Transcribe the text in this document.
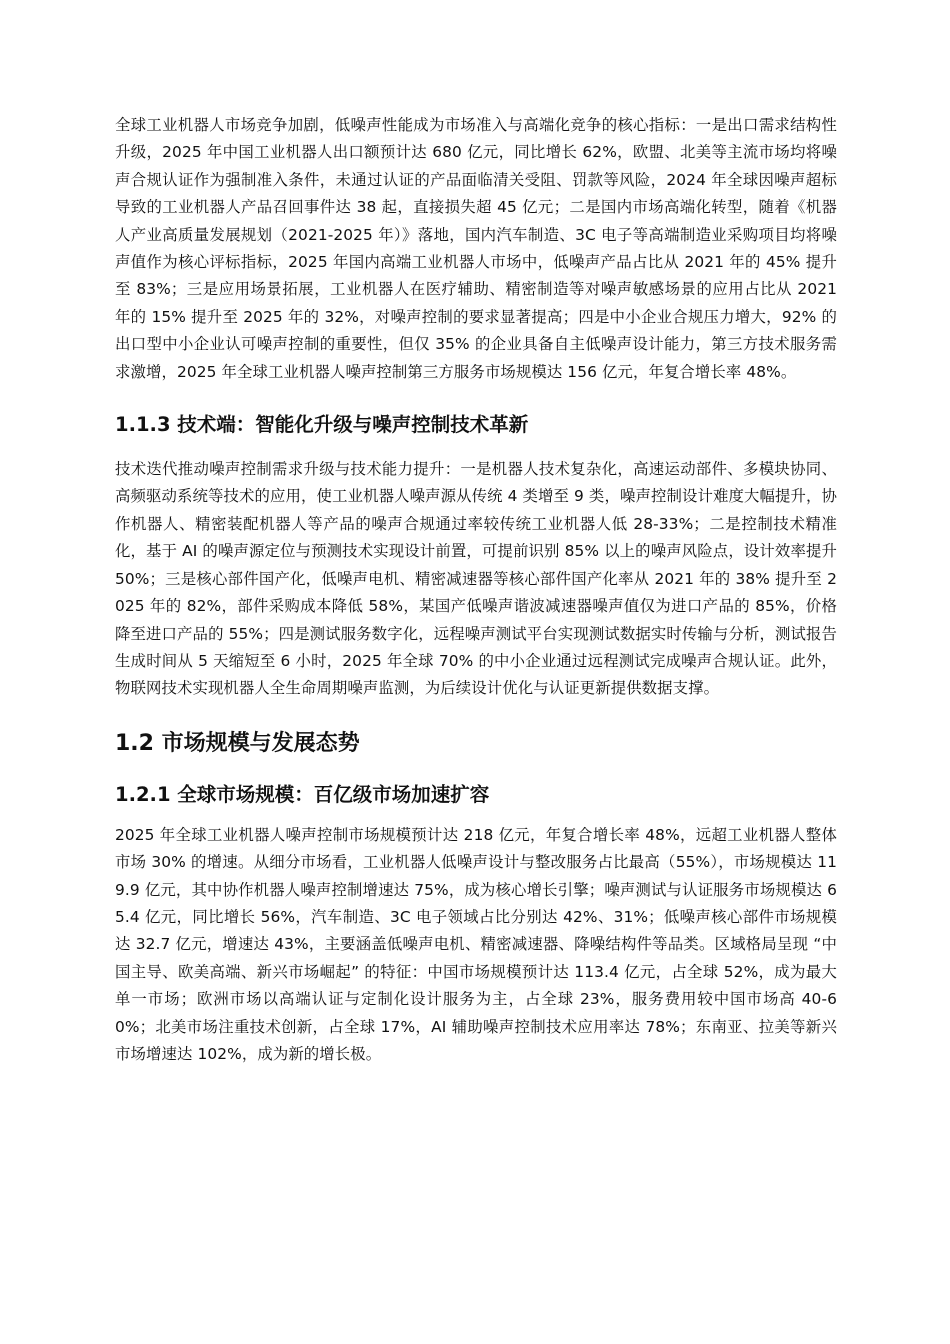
全球工业机器人市场竞争加剧，低噪声性能成为市场准入与高端化竞争的核心指标：一是出口需求结构性升级，2025 年中国工业机器人出口额预计达 680 亿元，同比增长 62%，欧盟、北美等主流市场均将噪声合规认证作为强制准入条件，未通过认证的产品面临清关受阻、罚款等风险，2024 年全球因噪声超标导致的工业机器人产品召回事件达 38 起，直接损失超 45 亿元；二是国内市场高端化转型，随着《机器人产业高质量发展规划（2021-2025 年）》落地，国内汽车制造、3C 电子等高端制造业采购项目均将噪声值作为核心评标指标，2025 年国内高端工业机器人市场中，低噪声产品占比从 2021 年的 45% 提升至 83%；三是应用场景拓展，工业机器人在医疗辅助、精密制造等对噪声敏感场景的应用占比从 2021 年的 15% 提升至 2025 年的 32%，对噪声控制的要求显著提高；四是中小企业合规压力增大，92% 的出口型中小企业认可噪声控制的重要性，但仅 35% 的企业具备自主低噪声设计能力，第三方技术服务需求激增，2025 年全球工业机器人噪声控制第三方服务市场规模达 156 亿元，年复合增长率 48%。

1.1.3 技术端：智能化升级与噪声控制技术革新

技术迭代推动噪声控制需求升级与技术能力提升：一是机器人技术复杂化，高速运动部件、多模块协同、高频驱动系统等技术的应用，使工业机器人噪声源从传统 4 类增至 9 类，噪声控制设计难度大幅提升，协作机器人、精密装配机器人等产品的噪声合规通过率较传统工业机器人低 28-33%；二是控制技术精准化，基于 AI 的噪声源定位与预测技术实现设计前置，可提前识别 85% 以上的噪声风险点，设计效率提升 50%；三是核心部件国产化，低噪声电机、精密减速器等核心部件国产化率从 2021 年的 38% 提升至 2025 年的 82%，部件采购成本降低 58%，某国产低噪声谐波减速器噪声值仅为进口产品的 85%，价格降至进口产品的 55%；四是测试服务数字化，远程噪声测试平台实现测试数据实时传输与分析，测试报告生成时间从 5 天缩短至 6 小时，2025 年全球 70% 的中小企业通过远程测试完成噪声合规认证。此外，物联网技术实现机器人全生命周期噪声监测，为后续设计优化与认证更新提供数据支撑。

1.2 市场规模与发展态势
1.2.1 全球市场规模：百亿级市场加速扩容

2025 年全球工业机器人噪声控制市场规模预计达 218 亿元，年复合增长率 48%，远超工业机器人整体市场 30% 的增速。从细分市场看，工业机器人低噪声设计与整改服务占比最高（55%），市场规模达 119.9 亿元，其中协作机器人噪声控制增速达 75%，成为核心增长引擎；噪声测试与认证服务市场规模达 65.4 亿元，同比增长 56%，汽车制造、3C 电子领域占比分别达 42%、31%；低噪声核心部件市场规模达 32.7 亿元，增速达 43%，主要涵盖低噪声电机、精密减速器、降噪结构件等品类。区域格局呈现 “中国主导、欧美高端、新兴市场崛起” 的特征：中国市场规模预计达 113.4 亿元，占全球 52%，成为最大单一市场；欧洲市场以高端认证与定制化设计服务为主，占全球 23%，服务费用较中国市场高 40-60%；北美市场注重技术创新，占全球 17%，AI 辅助噪声控制技术应用率达 78%；东南亚、拉美等新兴市场增速达 102%，成为新的增长极。
